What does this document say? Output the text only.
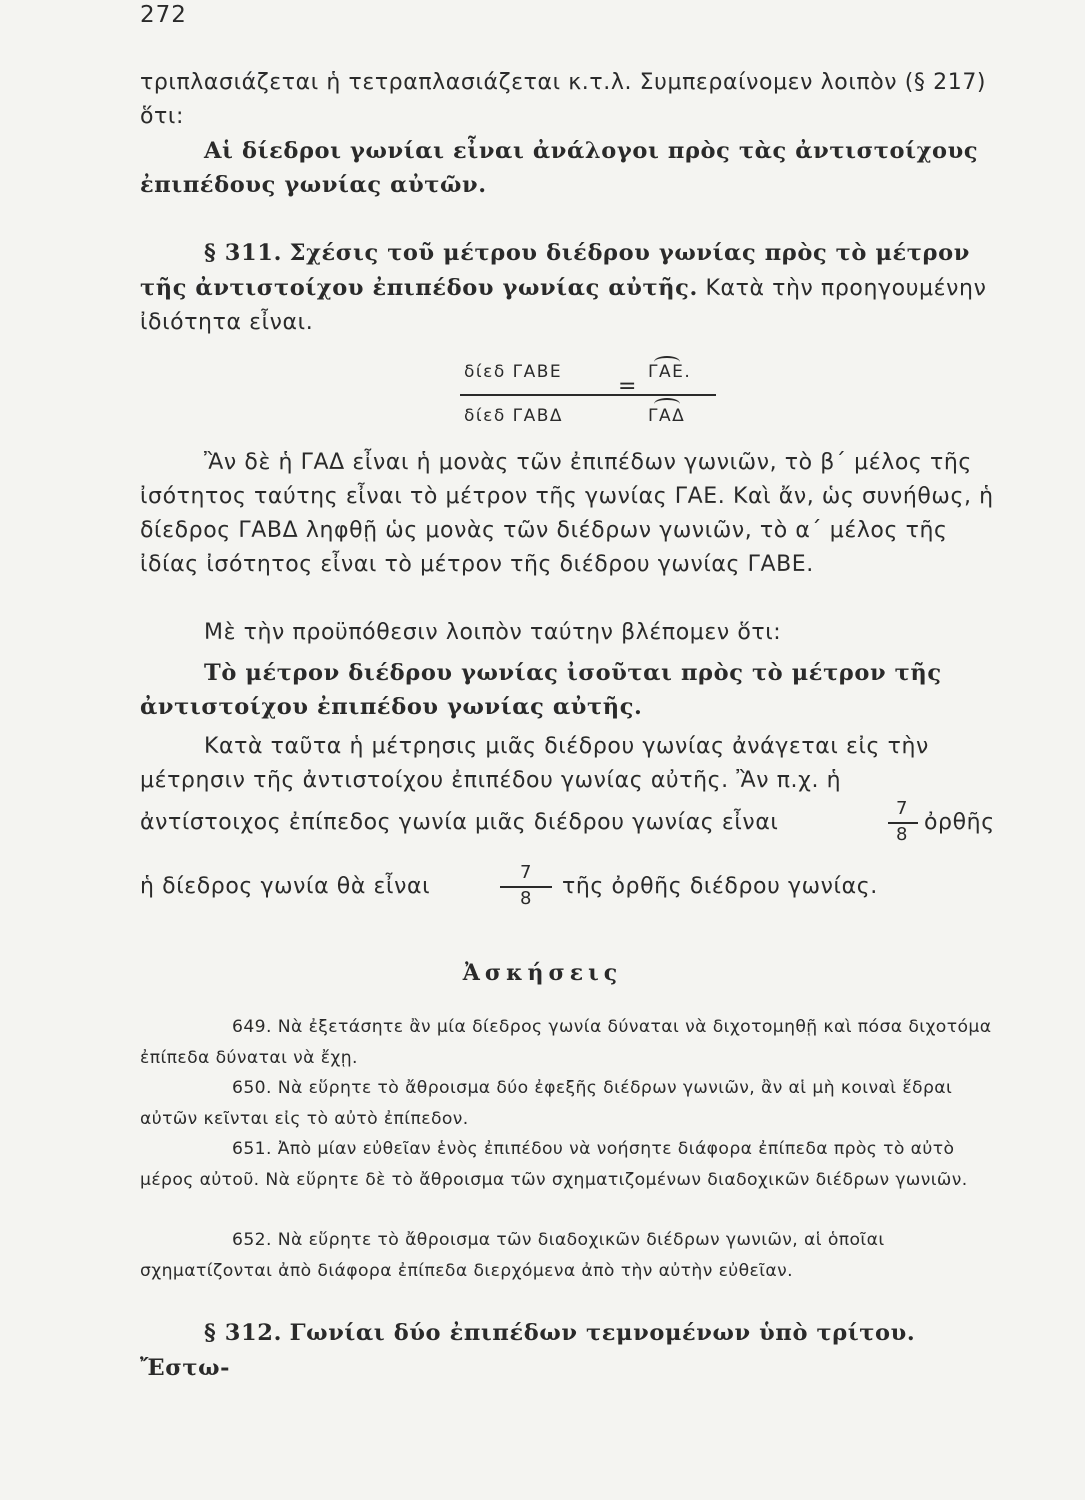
272

τριπλασιάζεται ἡ τετραπλασιάζεται κ.τ.λ. Συμπεραίνομεν λοιπὸν (§ 217) ὅτι:

Αἱ δίεδροι γωνίαι εἶναι ἀνάλογοι πρὸς τὰς ἀντιστοίχους ἐπιπέδους γωνίας αὐτῶν.

§ 311. Σχέσις τοῦ μέτρου διέδρου γωνίας πρὸς τὸ μέτρον τῆς ἀντιστοίχου ἐπιπέδου γωνίας αὐτῆς. Κατὰ τὴν προηγουμένην ἰδιότητα εἶναι.

δίεδ ΓΑΒΕ
δίεδ ΓΑΒΔ
=
ΓΑΕ.
ΓΑΔ

Ἂν δὲ ἡ ΓΑΔ εἶναι ἡ μονὰς τῶν ἐπιπέδων γωνιῶν, τὸ β΄ μέλος τῆς ἰσότητος ταύτης εἶναι τὸ μέτρον τῆς γωνίας ΓΑΕ. Καὶ ἄν, ὡς συνήθως, ἡ δίεδρος ΓΑΒΔ ληφθῇ ὡς μονὰς τῶν διέδρων γωνιῶν, τὸ α΄ μέλος τῆς ἰδίας ἰσότητος εἶναι τὸ μέτρον τῆς διέδρου γωνίας ΓΑΒΕ.

Μὲ τὴν προϋπόθεσιν λοιπὸν ταύτην βλέπομεν ὅτι:

Τὸ μέτρον διέδρου γωνίας ἰσοῦται πρὸς τὸ μέτρον τῆς ἀντιστοίχου ἐπιπέδου γωνίας αὐτῆς.

Κατὰ ταῦτα ἡ μέτρησις μιᾶς διέδρου γωνίας ἀνάγεται εἰς τὴν μέτρησιν τῆς ἀντιστοίχου ἐπιπέδου γωνίας αὐτῆς. Ἂν π.χ. ἡ

ἀντίστοιχος ἐπίπεδος γωνία μιᾶς διέδρου γωνίας εἶναι
7
8 ὀρθῆς
ἡ δίεδρος γωνία θὰ εἶναι
7
8 τῆς ὀρθῆς διέδρου γωνίας.
Ἀσκήσεις

649. Νὰ ἐξετάσητε ἂν μία δίεδρος γωνία δύναται νὰ διχοτομηθῇ καὶ πόσα διχοτόμα ἐπίπεδα δύναται νὰ ἔχῃ.

650. Νὰ εὕρητε τὸ ἄθροισμα δύο ἐφεξῆς διέδρων γωνιῶν, ἂν αἱ μὴ κοιναὶ ἕδραι αὐτῶν κεῖνται εἰς τὸ αὐτὸ ἐπίπεδον.

651. Ἀπὸ μίαν εὐθεῖαν ἑνὸς ἐπιπέδου νὰ νοήσητε διάφορα ἐπίπεδα πρὸς τὸ αὐτὸ μέρος αὐτοῦ. Νὰ εὕρητε δὲ τὸ ἄθροισμα τῶν σχηματιζομένων διαδοχικῶν διέδρων γωνιῶν.

652. Νὰ εὕρητε τὸ ἄθροισμα τῶν διαδοχικῶν διέδρων γωνιῶν, αἱ ὁποῖαι σχηματίζονται ἀπὸ διάφορα ἐπίπεδα διερχόμενα ἀπὸ τὴν αὐτὴν εὐθεῖαν.

§ 312. Γωνίαι δύο ἐπιπέδων τεμνομένων ὑπὸ τρίτου. Ἔστω-
